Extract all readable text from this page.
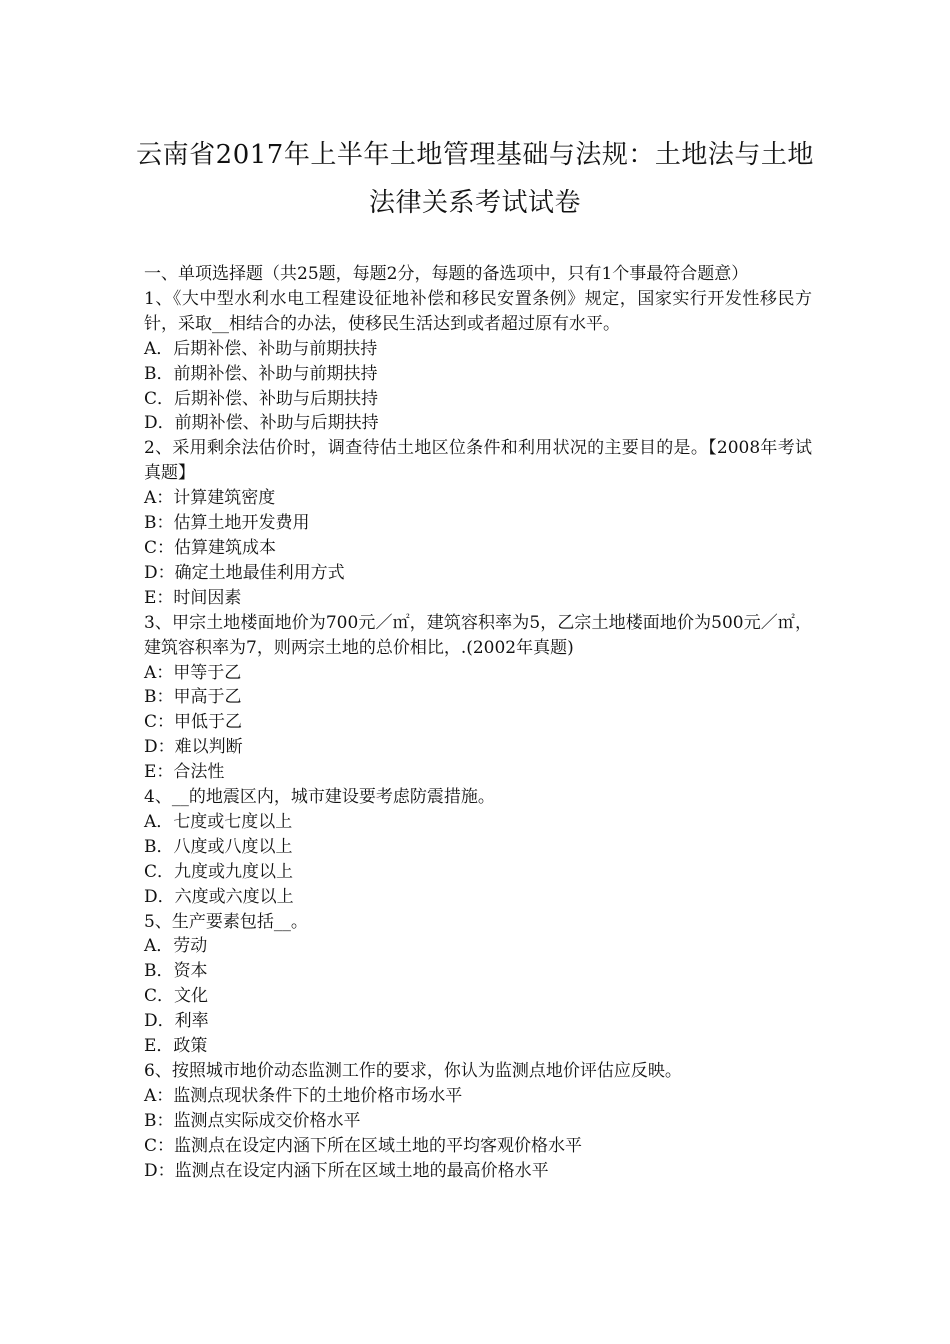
云南省2017年上半年土地管理基础与法规：土地法与土地
法律关系考试试卷
一、单项选择题（共25题，每题2分，每题的备选项中，只有1个事最符合题意）
1、《大中型水利水电工程建设征地补偿和移民安置条例》规定，国家实行开发性移民方针，采取__相结合的办法，使移民生活达到或者超过原有水平。
A．后期补偿、补助与前期扶持
B．前期补偿、补助与前期扶持
C．后期补偿、补助与后期扶持
D．前期补偿、补助与后期扶持
2、采用剩余法估价时，调查待估土地区位条件和利用状况的主要目的是。【2008年考试真题】
A：计算建筑密度
B：估算土地开发费用
C：估算建筑成本
D：确定土地最佳利用方式
E：时间因素
3、甲宗土地楼面地价为700元／㎡，建筑容积率为5，乙宗土地楼面地价为500元／㎡，建筑容积率为7，则两宗土地的总价相比，.(2002年真题)
A：甲等于乙
B：甲高于乙
C：甲低于乙
D：难以判断
E：合法性
4、__的地震区内，城市建设要考虑防震措施。
A．七度或七度以上
B．八度或八度以上
C．九度或九度以上
D．六度或六度以上
5、生产要素包括__。
A．劳动
B．资本
C．文化
D．利率
E．政策
6、按照城市地价动态监测工作的要求，你认为监测点地价评估应反映。
A：监测点现状条件下的土地价格市场水平
B：监测点实际成交价格水平
C：监测点在设定内涵下所在区域土地的平均客观价格水平
D：监测点在设定内涵下所在区域土地的最高价格水平
